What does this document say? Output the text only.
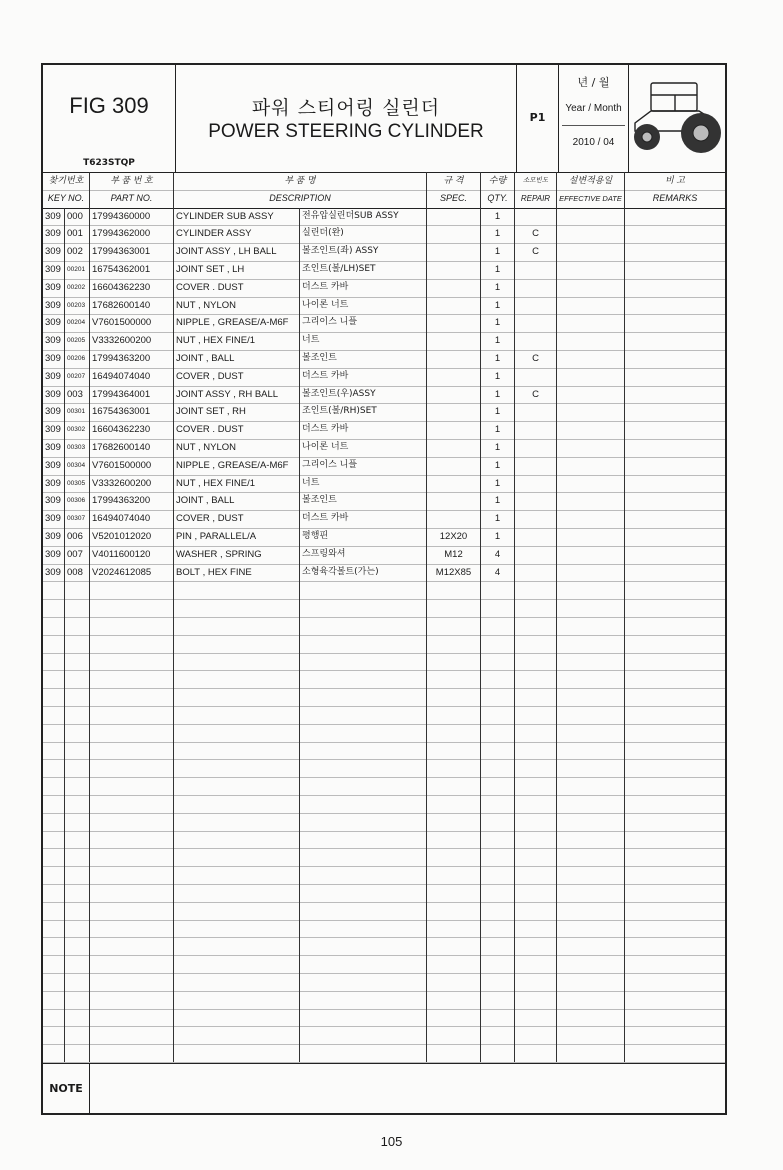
FIG 309
T623STQP
파워 스티어링 실린더
POWER STEERING CYLINDER
P1
년 / 월
Year / Month
2010 / 04
찾기번호	부 품 번 호	부 품 명	규 격	수량	소모빈도	설변적용일	비 고
KEY NO.	PART NO.	DESCRIPTION	SPEC.	QTY.	REPAIR	EFFECTIVE DATE	REMARKS
309 000 17994360000	CYLINDER SUB ASSY	전유압실린더SUB ASSY	1
309 001 17994362000	CYLINDER ASSY	실린더(완)	1	C
309 002 17994363001	JOINT ASSY , LH BALL	볼조인트(좌) ASSY	1	C
309 00201 16754362001	JOINT SET , LH	조인트(볼/LH)SET	1
309 00202 16604362230	COVER . DUST	더스트 카바	1
309 00203 17682600140	NUT , NYLON	나이론 너트	1
309 00204 V7601500000	NIPPLE , GREASE/A-M6F	그리이스 니플	1
309 00205 V3332600200	NUT , HEX FINE/1	너트	1
309 00206 17994363200	JOINT , BALL	볼조인트	1	C
309 00207 16494074040	COVER , DUST	더스트 카바	1
309 003 17994364001	JOINT ASSY , RH BALL	볼조인트(우)ASSY	1	C
309 00301 16754363001	JOINT SET , RH	조인트(볼/RH)SET	1
309 00302 16604362230	COVER . DUST	더스트 카바	1
309 00303 17682600140	NUT , NYLON	나이론 너트	1
309 00304 V7601500000	NIPPLE , GREASE/A-M6F	그리이스 니플	1
309 00305 V3332600200	NUT , HEX FINE/1	너트	1
309 00306 17994363200	JOINT , BALL	볼조인트	1
309 00307 16494074040	COVER , DUST	더스트 카바	1
309 006 V5201012020	PIN , PARALLEL/A	평행핀	12X20	1
309 007 V4011600120	WASHER , SPRING	스프링와셔	M12	4
309 008 V2024612085	BOLT , HEX FINE	소형육각볼트(가는)	M12X85	4
NOTE
105
